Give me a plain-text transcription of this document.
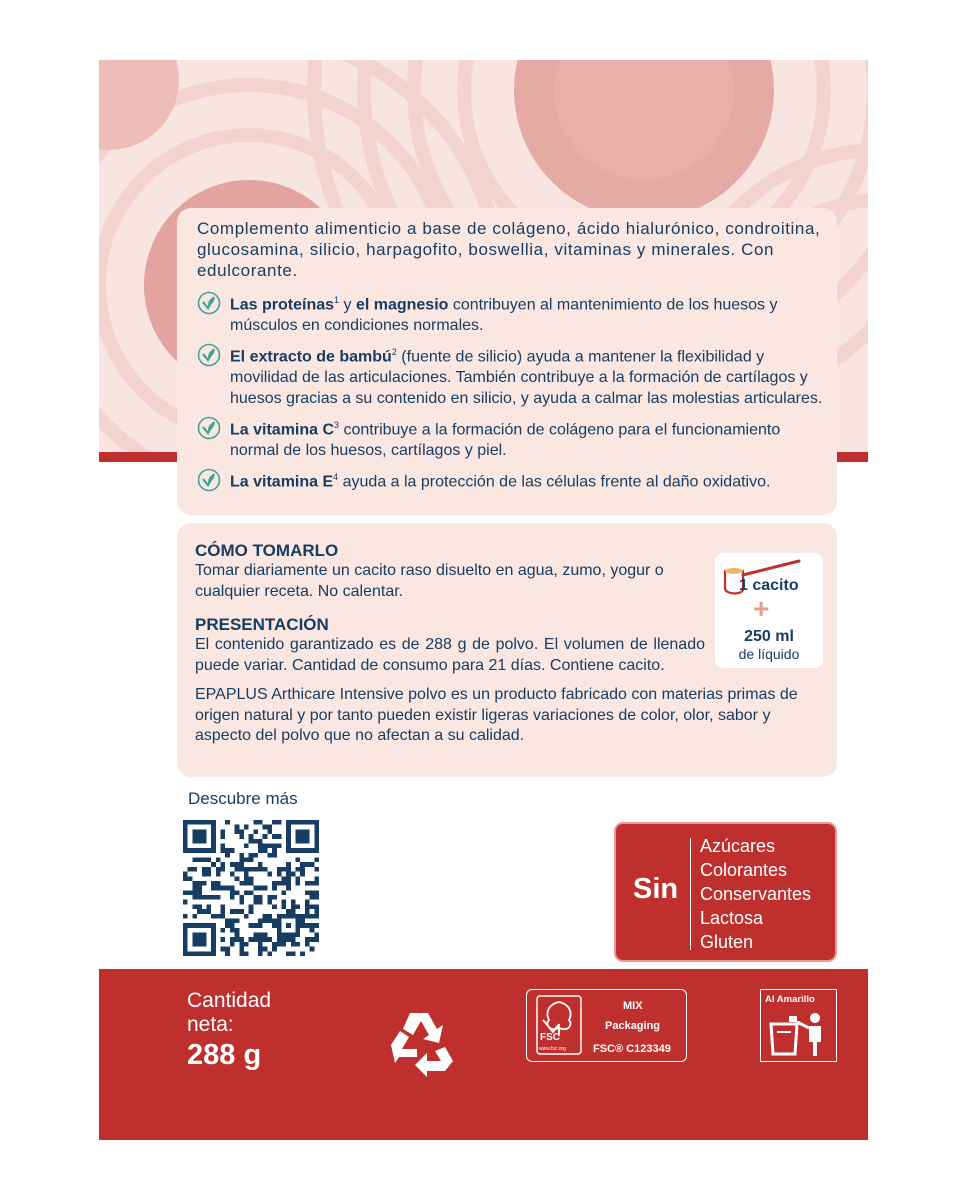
Complemento alimenticio a base de colágeno, ácido hialurónico, condroitina, glucosamina, silicio, harpagofito, boswellia, vitaminas y minerales. Con edulcorante.

Las proteínas$^1$ y el magnesio contribuyen al mantenimiento de los huesos y músculos en condiciones normales.
El extracto de bambú$^2$ (fuente de silicio) ayuda a mantener la flexibilidad y movilidad de las articulaciones. También contribuye a la formación de cartílagos y huesos gracias a su contenido en silicio, y ayuda a calmar las molestias articulares.
La vitamina $C^3$ contribuye a la formación de colágeno para el funcionamiento normal de los huesos, cartílagos y piel.
La vitamina $E^4$ ayuda a la protección de las células frente al daño oxidativo.

CÓMO TOMARLO

Tomar diariamente un cacito raso disuelto en agua, zumo, yogur o cualquier receta. No calentar.

PRESENTACIÓN

El contenido garantizado es de 288 g de polvo. El volumen de llenado puede variar. Cantidad de consumo para 21 días. Contiene cacito.

EPAPLUS Arthicare Intensive polvo es un producto fabricado con materias primas de origen natural y por tanto pueden existir ligeras variaciones de color, olor, sabor y aspecto del polvo que no afectan a su calidad.

1 cacito
+
250 ml
de líquido
Descubre más
Sin
Azúcares
Colorantes
Conservantes
Lactosa
Gluten
Cantidad
neta:
288 g
FSC
www.fsc.org
MIX
Packaging
FSC® C123349
Al Amarillo
